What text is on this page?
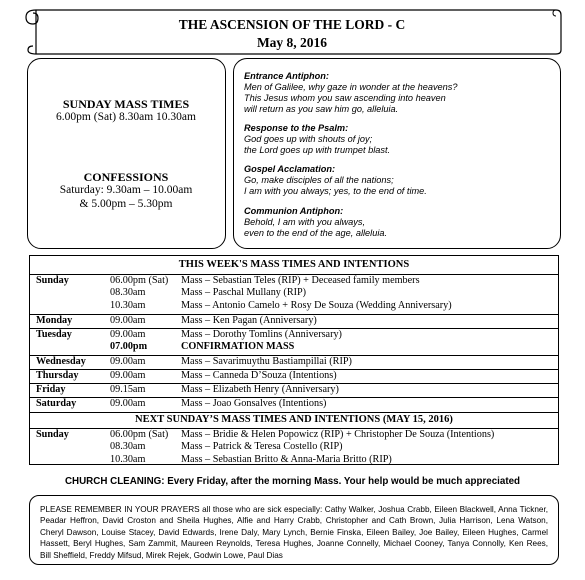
THE ASCENSION OF THE LORD - C
May 8, 2016
SUNDAY MASS TIMES
6.00pm (Sat) 8.30am 10.30am
CONFESSIONS
Saturday: 9.30am – 10.00am
& 5.00pm – 5.30pm
Entrance Antiphon:
Men of Galilee, why gaze in wonder at the heavens?
This Jesus whom you saw ascending into heaven
will return as you saw him go, alleluia.
Response to the Psalm:
God goes up with shouts of joy;
the Lord goes up with trumpet blast.
Gospel Acclamation:
Go, make disciples of all the nations;
I am with you always; yes, to the end of time.
Communion Antiphon:
Behold, I am with you always,
even to the end of the age, alleluia.
THIS WEEK'S MASS TIMES AND INTENTIONS
Sunday	06.00pm (Sat) Mass – Sebastian Teles (RIP) + Deceased family members
08.30am	Mass – Paschal Mullany (RIP)
10.30am	Mass – Antonio Camelo + Rosy De Souza (Wedding Anniversary)
Monday	09.00am	Mass – Ken Pagan (Anniversary)
Tuesday	09.00am	Mass – Dorothy Tomlins (Anniversary)
07.00pm	CONFIRMATION MASS
Wednesday 09.00am	Mass – Savarimuythu Bastiampillai (RIP)
Thursday	09.00am	Mass – Canneda D’Souza (Intentions)
Friday	09.15am	Mass – Elizabeth Henry (Anniversary)
Saturday	09.00am	Mass – Joao Gonsalves (Intentions)
NEXT SUNDAY’S MASS TIMES AND INTENTIONS (MAY 15, 2016)
Sunday	06.00pm (Sat) Mass – Bridie & Helen Popowicz (RIP) + Christopher De Souza (Intentions)
08.30am	Mass – Patrick & Teresa Costello (RIP)
10.30am	Mass – Sebastian Britto & Anna-Maria Britto (RIP)
CHURCH CLEANING: Every Friday, after the morning Mass. Your help would be much appreciated
PLEASE REMEMBER IN YOUR PRAYERS all those who are sick especially: Cathy Walker, Joshua Crabb, Eileen Blackwell, Anna Tickner, Peadar Heffron, David Croston and Sheila Hughes, Alfie and Harry Crabb, Christopher and Cath Brown, Julia Harrison, Lena Watson, Cheryl Dawson, Louise Stacey, David Edwards, Irene Daly, Mary Lynch, Bernie Finska, Eileen Bailey, Joe Bailey, Eileen Hughes, Carmel Hassett, Beryl Hughes, Sam Zammit, Maureen Reynolds, Teresa Hughes, Joanne Connelly, Michael Cooney, Tanya Connolly, Ken Rees, Bill Sheffield, Freddy Mifsud, Mirek Rejek, Godwin Lowe, Paul Dias
